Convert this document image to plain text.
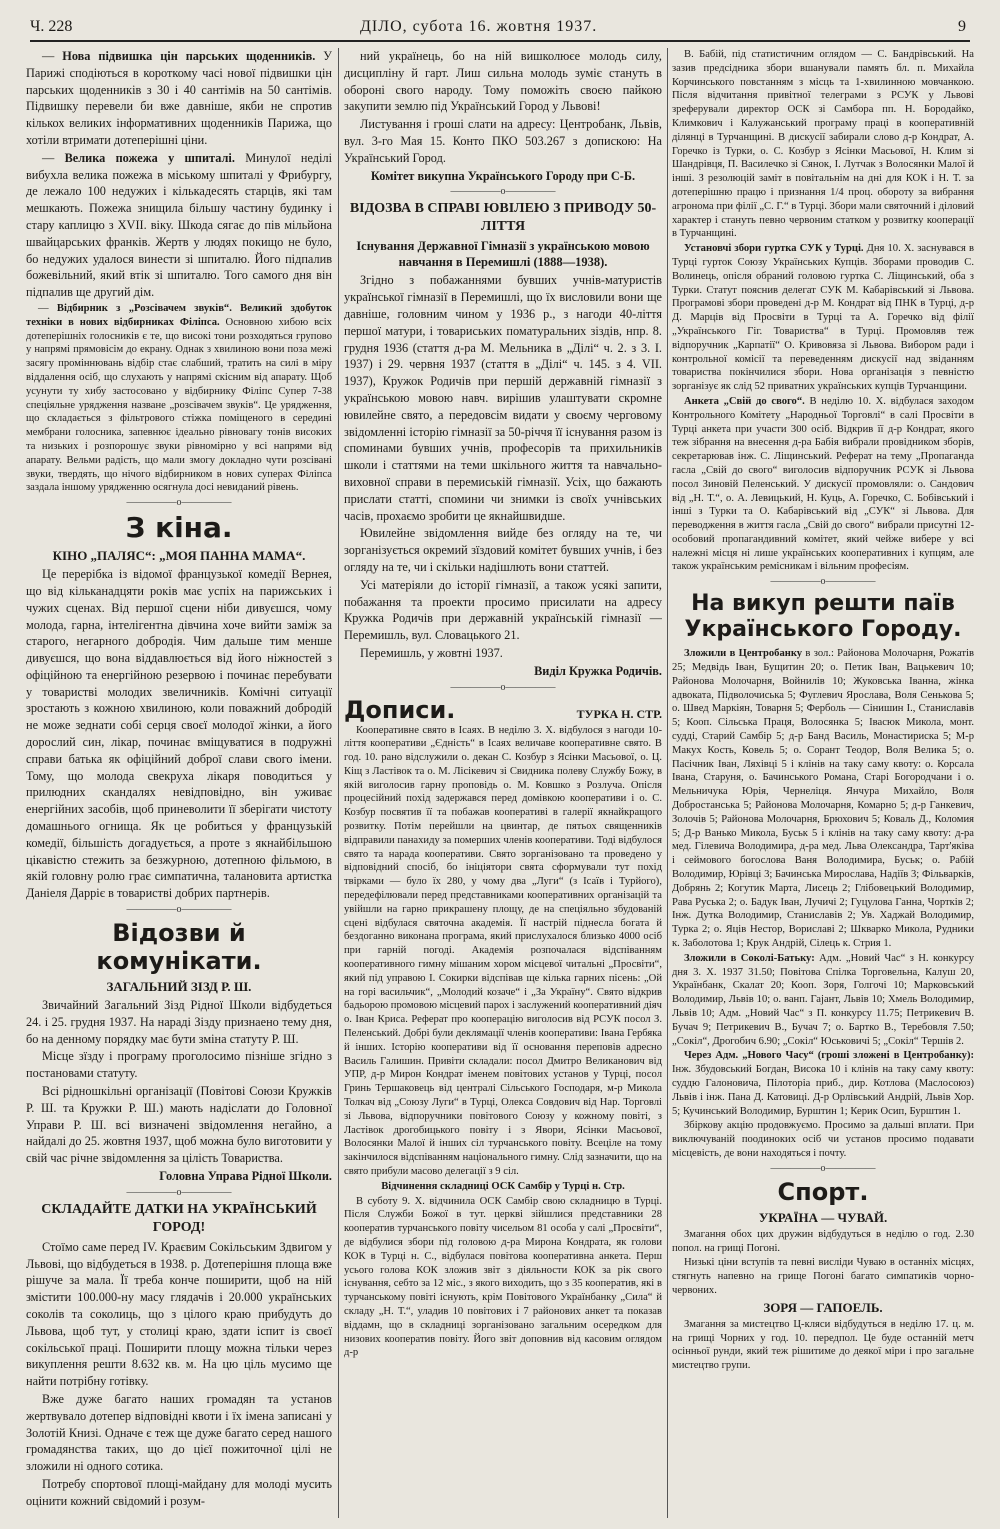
Ч. 228	ДІЛО, субота 16. жовтня 1937.	9

— Нова підвишка цін парських щоденників. У Парижі сподіються в короткому часі нової підвишки цін парських щоденників з 30 і 40 сантімів на 50 сантімів. Підвишку перевели би вже давніше, якби не спротив кількох великих інформативних щоденників Парижа, що хотіли втримати дотеперішні ціни.

— Велика пожежа у шпиталі. Минулої неділі вибухла велика пожежа в міському шпиталі у Фрибургу, де лежало 100 недужих і кількадесять старців, які там мешкають. Пожежа знищила більшу частину будинку і стару каплицю з XVII. віку. Шкода сягає до пів мільйона швайцарських франків. Жертв у людях покищо не було, бо недужих удалося винести зі шпиталю. Його підпалив божевільний, який втік зі шпиталю. Того самого дня він підпалив ще другий дім.

— Відбирник з „Розсівачем звуків“. Великий здобуток техніки в нових відбирниках Філіпса. Основною хибою всіх дотеперішніх голосників є те, що високі тони розходяться групово у напрямі прямовісім до екрану. Однак з хвилиною вони поза межі засягу проміннювань відбір стає слабший, тратить на силі в міру віддалення осіб, що слухають у напрямі скісним від апарату. Щоб усунути ту хибу застосовано у відбирнику Філіпс Супер 7-38 спеціяльне урядження назване „розсівачем звуків“. Це урядження, що складається з фільтрового стіжка поміщеного в середині мембрани голосника, запевнює ідеально рівновагу тонів високих та низьких і розпорошує звуки рівномірно у всі напрями від апарату. Вельми радість, що мали змогу докладно чути розсівані звуки, твердять, що нічого відбирником в нових суперах Філіпса заздала іншому урядженню осягнула досі невиданий рівень.

—————o—————
З кіна.
КІНО „ПАЛЯС“: „МОЯ ПАННА МАМА“.

Це перерібка із відомої французької комедії Вернея, що від кільканадцяти років має успіх на парижських і чужих сценах. Від першої сцени ніби дивуєшся, чому молода, гарна, інтелігентна дівчина хоче вийти заміж за старого, негарного добродія. Чим дальше тим менше дивуєшся, що вона віддавлюється від його ніжностей з офіційною та енергійною резервою і починає перебувати у товаристві молодих звеличників. Комічні ситуації зростають з кожною хвилиною, коли поважний добродій не може зеднати собі серця своєї молодої жінки, а його дорослий син, лікар, починає вміщуватися в подружні справи батька як офіційний доброї слави свого імени. Тому, що молода свекруха лікаря поводиться у прилюдних скандалях невідповідно, він уживає енергійних засобів, щоб приневолити її зберігати чистоту домашнього огнища. Як це робиться у французькій комедії, більшість догадується, а проте з якнайбільшою цікавістю стежить за безжурною, дотепною фільмою, в якій головну ролю грає симпатична, талановита артистка Даніеля Дарріє в товаристві добрих партнерів.

—————o—————
Відозви й комунікати.
ЗАГАЛЬНИЙ ЗІЗД Р. Ш.

Звичайний Загальний Зізд Рідної Школи відбудеться 24. і 25. грудня 1937. На нараді Зізду признаено тему дня, бо на денному порядку має бути зміна статуту Р. Ш.

Місце зїзду і програму проголосимо пізніше згідно з постановами статуту.

Всі ріднoшкільні організації (Повітові Союзи Кружків Р. Ш. та Кружки Р. Ш.) мають надіслати до Головної Управи Р. Ш. всі визначені звідомлення негайно, а найдалі до 25. жовтня 1937, щоб можна було виготовити у свій час річне звідомлення за цілість Товариства.

Головна Управа Рідної Школи.

—————o—————
СКЛАДАЙТЕ ДАТКИ НА УКРАЇНСЬКИЙ ГОРОД!

Стоїмо саме перед IV. Краєвим Сокільським Здвигом у Львові, що відбудеться в 1938. р. Дотеперішня площа вже рішуче за мала. Її треба конче поширити, щоб на ній змістити 100.000-ну масу глядачів і 20.000 українських соколів та соколиць, що з цілого краю прибудуть до Львова, щоб тут, у столиці краю, здати іспит із своєї сокільської праці. Поширити площу можна тільки через викуплення решти 8.632 кв. м. На цю ціль мусимо ще найти потрібну готівку.

Вже дуже багато наших громадян та установ жертвувало дотепер відповідні квоти і їх імена записані у Золотій Книзі. Одначе є теж ще дуже багато серед нашого громадянства таких, що до цієї пожиточної цілі не зложили ні одного сотика.

Потребу спортової площі-майдану для молоді мусить оцінити кожний свідомий і розум-

ний українець, бо на ній вишколюєе молодь силу, дисципліну й гарт. Лиш сильна молодь зуміє стануть в обороні свого народу. Тому поможіть своєю пайкою закупити землю під Український Город у Львові!

Листування і гроші слати на адресу: Центробанк, Львів, вул. 3-го Мая 15. Конто ПКО 503.267 з допискою: На Український Город.

Комітет викупна Українського Городу при С-Б.

—————o—————
ВІДОЗВА В СПРАВІ ЮВІЛЕЮ З ПРИВОДУ 50-ЛІТТЯ
Існування Державної Гімназії з українською мовою навчання в Перемишлі (1888—1938).

Згідно з побажаннями бувших учнів-матуристів української гімназії в Перемишлі, що їх висловили вони ще давніше, головним чином у 1936 р., з нагоди 40-ліття першої матури, і товариських помaтуральних зіздів, нпр. 8. грудня 1936 (стаття д-ра М. Мельника в „Ділі“ ч. 2. з 3. І. 1937) і 29. червня 1937 (стаття в „Ділі“ ч. 145. з 4. VII. 1937), Кружок Родичів при першій державній гімназії з українською мовою навч. вирішив улаштувати скромне ювилейне свято, а передовсім видати у своєму черговому звідомленні історію гімназії за 50-річчя її існування разом із споминами бувших учнів, професорів та прихильників школи і статтями на теми шкільного життя та навчально-виховної справи в перемиській гімназії. Усіх, що бажають прислати статті, спомини чи знимки із своїх учнівських часів, прохаємо зробити це якнайшвидше.

Ювилейне звідомлення вийде без огляду на те, чи зорганізується окремий зїздовий комітет бувших учнів, і без огляду на те, чи і скільки надішлють вони статтей.

Усі матеріяли до історії гімназії, а також усякі запити, побажання та проекти просимо присилати на адресу Кружка Родичів при державній українській гімназії — Перемишль, вул. Словацького 21.

Перемишль, у жовтні 1937.

Виділ Кружка Родичів.

—————o—————
Дописи.	ТУРКА Н. СТР.

Кооперативне свято в Ісаях. В неділю 3. Х. відбулося з нагоди 10-ліття кооперативи „Єдність“ в Ісаях величаве кооперативне свято. В год. 10. рано відслужили о. декан С. Козбур з Ясінки Масьової, о. Ц. Кіщ з Ластівок та о. М. Лісікевич зі Свидника полеву Службу Божу, в якій виголосив гарну проповідь о. М. Ковшко з Розлуча. Опісля процесійний похід задержався перед домівкою кооперативи і о. С. Козбур посвятив її та побажав кооперативі в галерії якнайкращого розвитку. Потім перейшли на цвинтар, де пятьох священників відправили панахиду за померших членів кооперативи. Тоді відбулося свято та нарада кооперативи. Свято зорганізовано та проведено у відповідний спосіб, бо ініціятори свята сформували тут похід твірками — було їх 280, у чому два „Луги“ (з Ісаїв і Турйого), передефілювали перед представниками кооперативних організацій та увійшли на гарно прикрашену площу, де на спеціяльно збудованій сцені відбулася святочна академія. Її настрій піднесла богата й бездоганно виконана програма, який прислухалося близько 4000 осіб при гарній погоді. Академія розпочалася відспіванням кооперативного гимну мішаним хором місцевої читальні „Просвіти“, який під управою І. Сокирки відспівав ще кілька гарних пісень: „Ой на горі васильчик“, „Молодий козаче“ і „За Україну“. Свято відкрив бадьорою промовою місцевий парох і заслужений кооперативний діяч о. Іван Криса. Реферат про кооперацію виголосив від РСУК посол З. Пеленський. Добрі були деклямації членів кооперативи: Івана Гербяка й інших. Історію кооперативи від її основання переповів адрeсно Василь Галишин. Привіти складали: посол Дмитро Великанович від УПР, д-р Мирон Кондрат іменем повітових установ у Турці, посол Гринь Тершаковець від централі Сільського Господаря, м-р Микола Толкач від „Союзу Луги“ в Турці, Олекса Совдович від Нар. Торговлі зі Львова, відпоручники повітового Союзу у кожному повіті, з Ластівок дрогобицького повіту і з Явори, Ясінки Масьової, Волосянки Малої й інших сіл турчанського повіту. Всеціле на тому закінчилося відспіванням національного гимну. Слід зазначити, що на свято прибули масово делегації з 9 сіл.

Відчинення складниці ОСК Самбір у Турці н. Стр.

В суботу 9. Х. відчинила ОСК Самбір свою складницю в Турці. Після Служби Божої в тут. церкві зійшлися представники 28 кооператив турчанського повіту чисельом 81 особа у салі „Просвіти“, де відбулися збори під головою д-ра Мирона Кондрата, як голови КОК в Турці н. С., відбулася повітова кооперативна анкета. Перш усього голова КОК зложив звіт з діяльности КОК за рік свого існування, себто за 12 міс., з якого виходить, що з 35 кооператив, які в турчанському повіті існують, крім Повітового Українбанку „Сила“ й складу „Н. Т.“, уладив 10 повітових і 7 районових анкет та показав віддамн, що в складниці зорганізовано загальним осередком для низових кооператив повіту. Його звіт доповнив від касовим оглядом д-р

В. Бабій, під статистичним оглядом — С. Бандрівський. На зазив предсідника збори вшанували память бл. п. Михайла Корчинського повстанням з місць та 1-хвилинною мовчанкою. Після відчитання привітної телеграми з РСУК у Львові зреферували директор ОСК зі Самбора пп. Н. Бородайко, Климкович і Калужанський програму праці в кооперативній ділянці в Турчанщині. В дискусії забирали слово д-р Кондрат, А. Горечко із Турки, о. С. Козбур з Ясінки Масьової, Н. Клим зі Шандрівця, П. Василечко зі Сянок, І. Лутчак з Волосянки Малої й інші. З резолюцій заміт в повітальнім на дні для КОК і Н. Т. за дотеперішню працю і признання 1/4 проц. обороту за вибрання агронома при філії „С. Г.“ в Турці. Збори мали святочний і діловий характер і стануть певно червоним статком у розвитку кооперації в Турчанщині.

Установчі збори гуртка СУК у Турці. Дня 10. Х. заснувався в Турці гурток Союзу Українських Купців. Зборами проводив С. Волинець, опісля обраний головою гуртка С. Ліщинський, оба з Турки. Статут пояснив делегат СУК М. Кабарівський зі Львова. Програмові збори проведені д-р М. Кондрат від ПНК в Турці, д-р Д. Марців від Просвіти в Турці та А. Горечко від філії „Українського Гіг. Товариства“ в Турці. Промовляв теж відпоручник „Карпатії“ О. Кривовяза зі Львова. Вибором ради і контрольної комісії та переведенням дискусії над звіданням товариства покінчилися збори. Нова організація з певністю зорганізує як слід 52 приватних українських купців Турчанщини.

Анкета „Свій до свого“. В неділю 10. Х. відбулася заходом Контрольного Комітету „Народньої Торговлі“ в салі Просвіти в Турці анкета при участи 300 осіб. Відкрив її д-р Кондрат, якого теж зібрання на внесення д-ра Бабія вибрали провідником зборів, секретарював інж. С. Ліщинський. Реферат на тему „Пропаганда гасла „Свій до свого“ виголосив відпоручник РСУК зі Львова посол Зиновій Пеленський. У дискусії промовляли: о. Сандович від „Н. Т.“, о. А. Левицький, Н. Куць, А. Горечко, С. Бобівський і інші з Турки та О. Кабарівський від „СУК“ зі Львова. Для переводження в життя гасла „Свій до свого“ вибрали присутні 12-особовий пропагандивний комітет, який чейже вибере у всі належні місця ні лише українських кооперативних і купцям, але також українським ремісникам і вільним професіям.

—————o—————
На викуп решти паїв Українського Городу.

Зложили в Центробанку в зол.: Районова Молочарня, Рожатів 25; Медвідь Іван, Бущитин 20; о. Петик Іван, Вацькевич 10; Районова Молочарня, Войнилів 10; Жуковська Іванна, жінка адвоката, Підволочиська 5; Фуглевич Ярослава, Воля Сенькова 5; о. Швед Маркіян, Товарня 5; Ферболь — Сінишин І., Станиславів 5; Кооп. Сільська Праця, Волосянка 5; Івасюк Микола, монт. судді, Старий Самбір 5; д-р Банд Василь, Монастириска 5; М-р Макух Кость, Ковель 5; о. Сорант Теодор, Воля Велика 5; о. Пасічник Іван, Ляхівці 5 і клінів на таку саму квоту: о. Корсала Івана, Старуня, о. Бачинського Романа, Старі Богородчани і о. Мельничука Юрія, Чернеліця. Янчура Михайло, Воля Добростанська 5; Районова Молочарня, Комарно 5; д-р Ганкевич, Золочів 5; Районова Молочарня, Брюхович 5; Коваль Д., Коломия 5; Д-р Ванько Микола, Буськ 5 і клінів на таку саму квоту: д-ра мед. Гілевича Володимира, д-ра мед. Льва Олександра, Тарт'яківа і сеймового богослова Ваня Володимира, Буськ; о. Рабій Володимир, Юрівці 3; Бачинська Мирослава, Надіїв 3; Фільварків, Добрянь 2; Когутик Марта, Лисець 2; Глібовецький Володимир, Рава Руська 2; о. Бадук Іван, Лучичі 2; Гуцулова Ганна, Чортків 2; Інж. Дутка Володимир, Станиславів 2; Ув. Хаджай Володимир, Турка 2; о. Яців Нестор, Вориславі 2; Шкварко Микола, Рудники к. Заболотова 1; Крук Андрій, Сілець к. Стрия 1.

Зложили в Соколі-Батьку: Адм. „Новий Час“ з Н. конкурсу дня 3. Х. 1937 31.50; Повітова Спілка Торговельна, Калуш 20, Українбанк, Скалат 20; Кооп. Зоря, Голгочі 10; Марковський Володимир, Львів 10; о. ванп. Гаjант, Львів 10; Хмель Володимир, Львів 10; Адм. „Новий Час“ з П. конкурсу 11.75; Петрикевич В. Бучач 9; Петрикевич В., Бучач 7; о. Бартко В., Теребовля 7.50; „Сокіл“, Дрогобич 6.90; „Сокіл“ Юськовичі 5; „Сокіл“ Тершів 2.

Через Адм. „Нового Часу“ (гроші зложені в Центробанку): Інж. Збудовський Богдан, Висока 10 і клінів на таку саму квоту: суддю Галоновича, Пілоторіа приб., дир. Котлова (Маслосоюз) Львів і інж. Пана Д. Катовиці. Д-р Орлівський Андрій, Львів Хор. 5; Кучинський Володимир, Бурштин 1; Керик Осип, Бурштин 1.

Збіркову акцію продовжуємо. Просимо за дальші вплати. При виключуваній поодиноких осіб чи установ просимо подавати місцевість, де вони находяться і почту.

—————o—————
Спорт.
УКРАЇНА — ЧУВАЙ.

Змагання обох цих дружин відбудуться в неділю о год. 2.30 попол. на грищі Погоні.

Низькі ціни вступів та певні вислiди Чуваю в останніх місцях, стягнуть напевно на грище Погоні багато симпатиків чорно-червоних.

ЗОРЯ — ГАПОЕЛЬ.

Змагання за мистецтво Ц-кляси відбудуться в неділю 17. ц. м. на грищі Чорних у год. 10. передпол. Це буде останній метч осінньої рунди, який теж рішитиме до деякої міри і про загальне мистецтво групи.
